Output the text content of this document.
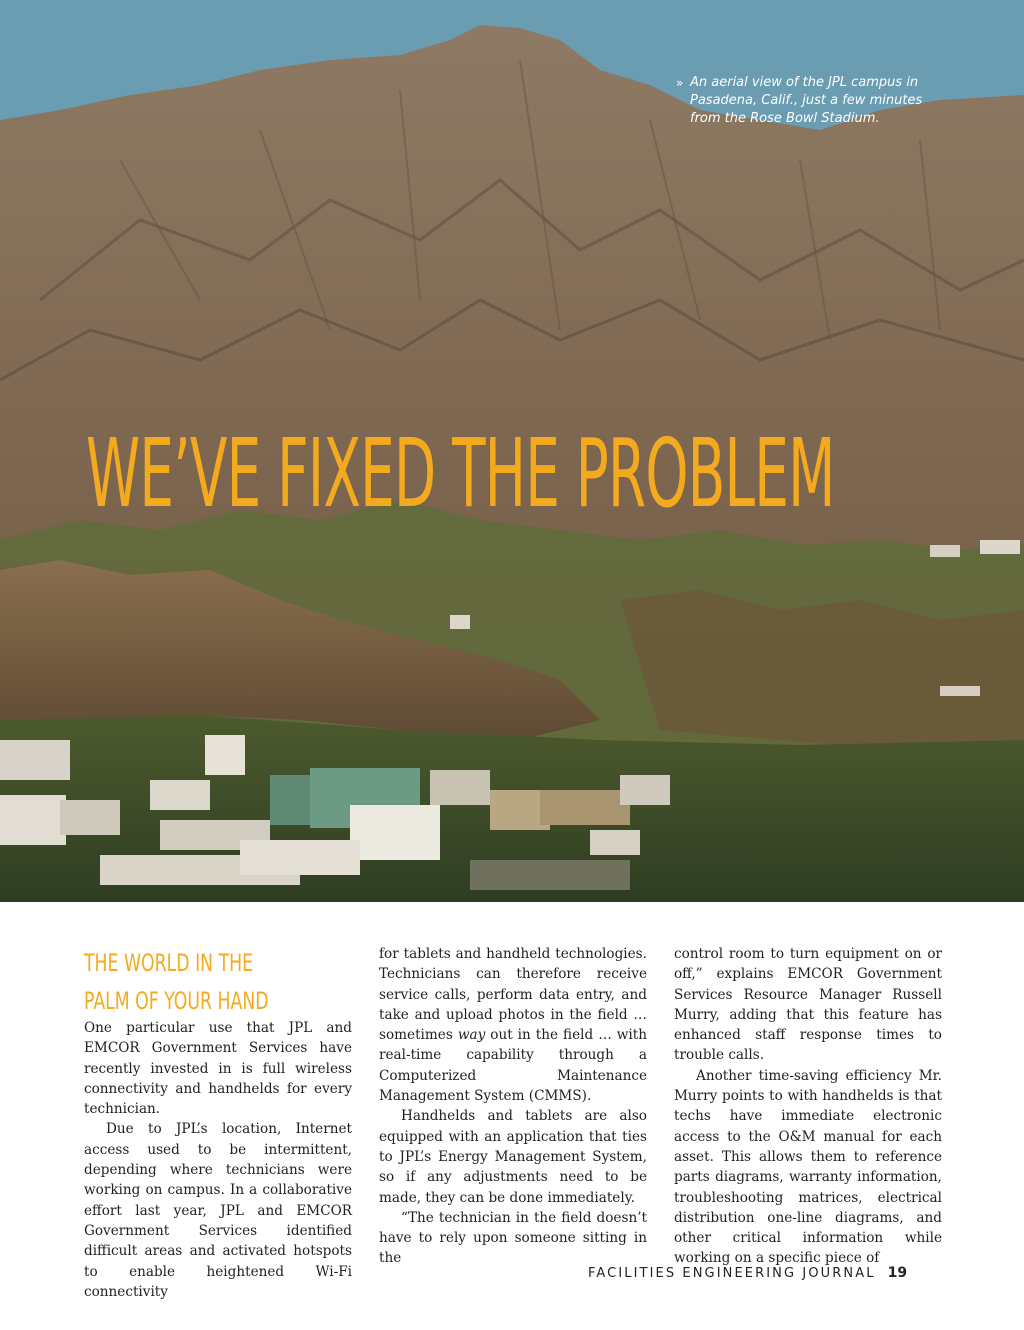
» An aerial view of the JPL campus in Pasadena, Calif., just a few minutes from the Rose Bowl Stadium.
WE’VE FIXED THE PROBLEM
THE WORLD IN THE
PALM OF YOUR HAND

One particular use that JPL and EMCOR Government Services have recently invested in is full wireless connectivity and handhelds for every technician.

Due to JPL’s location, Internet access used to be intermittent, depending where technicians were working on campus. In a collaborative effort last year, JPL and EMCOR Government Services identified difficult areas and activated hotspots to enable heightened Wi-Fi connectivity

for tablets and handheld technologies. Technicians can therefore receive service calls, perform data entry, and take and upload photos in the field … sometimes way out in the field … with real-time capability through a Computerized Maintenance Management System (CMMS).

Handhelds and tablets are also equipped with an application that ties to JPL’s Energy Management System, so if any adjustments need to be made, they can be done immediately.

“The technician in the field doesn’t have to rely upon someone sitting in the

control room to turn equipment on or off,” explains EMCOR Government Services Resource Manager Russell Murry, adding that this feature has enhanced staff response times to trouble calls.

Another time-saving efficiency Mr. Murry points to with handhelds is that techs have immediate electronic access to the O&M manual for each asset. This allows them to reference parts diagrams, warranty information, troubleshooting matrices, electrical distribution one-line diagrams, and other critical information while working on a specific piece of

FACILITIES ENGINEERING JOURNAL 19
